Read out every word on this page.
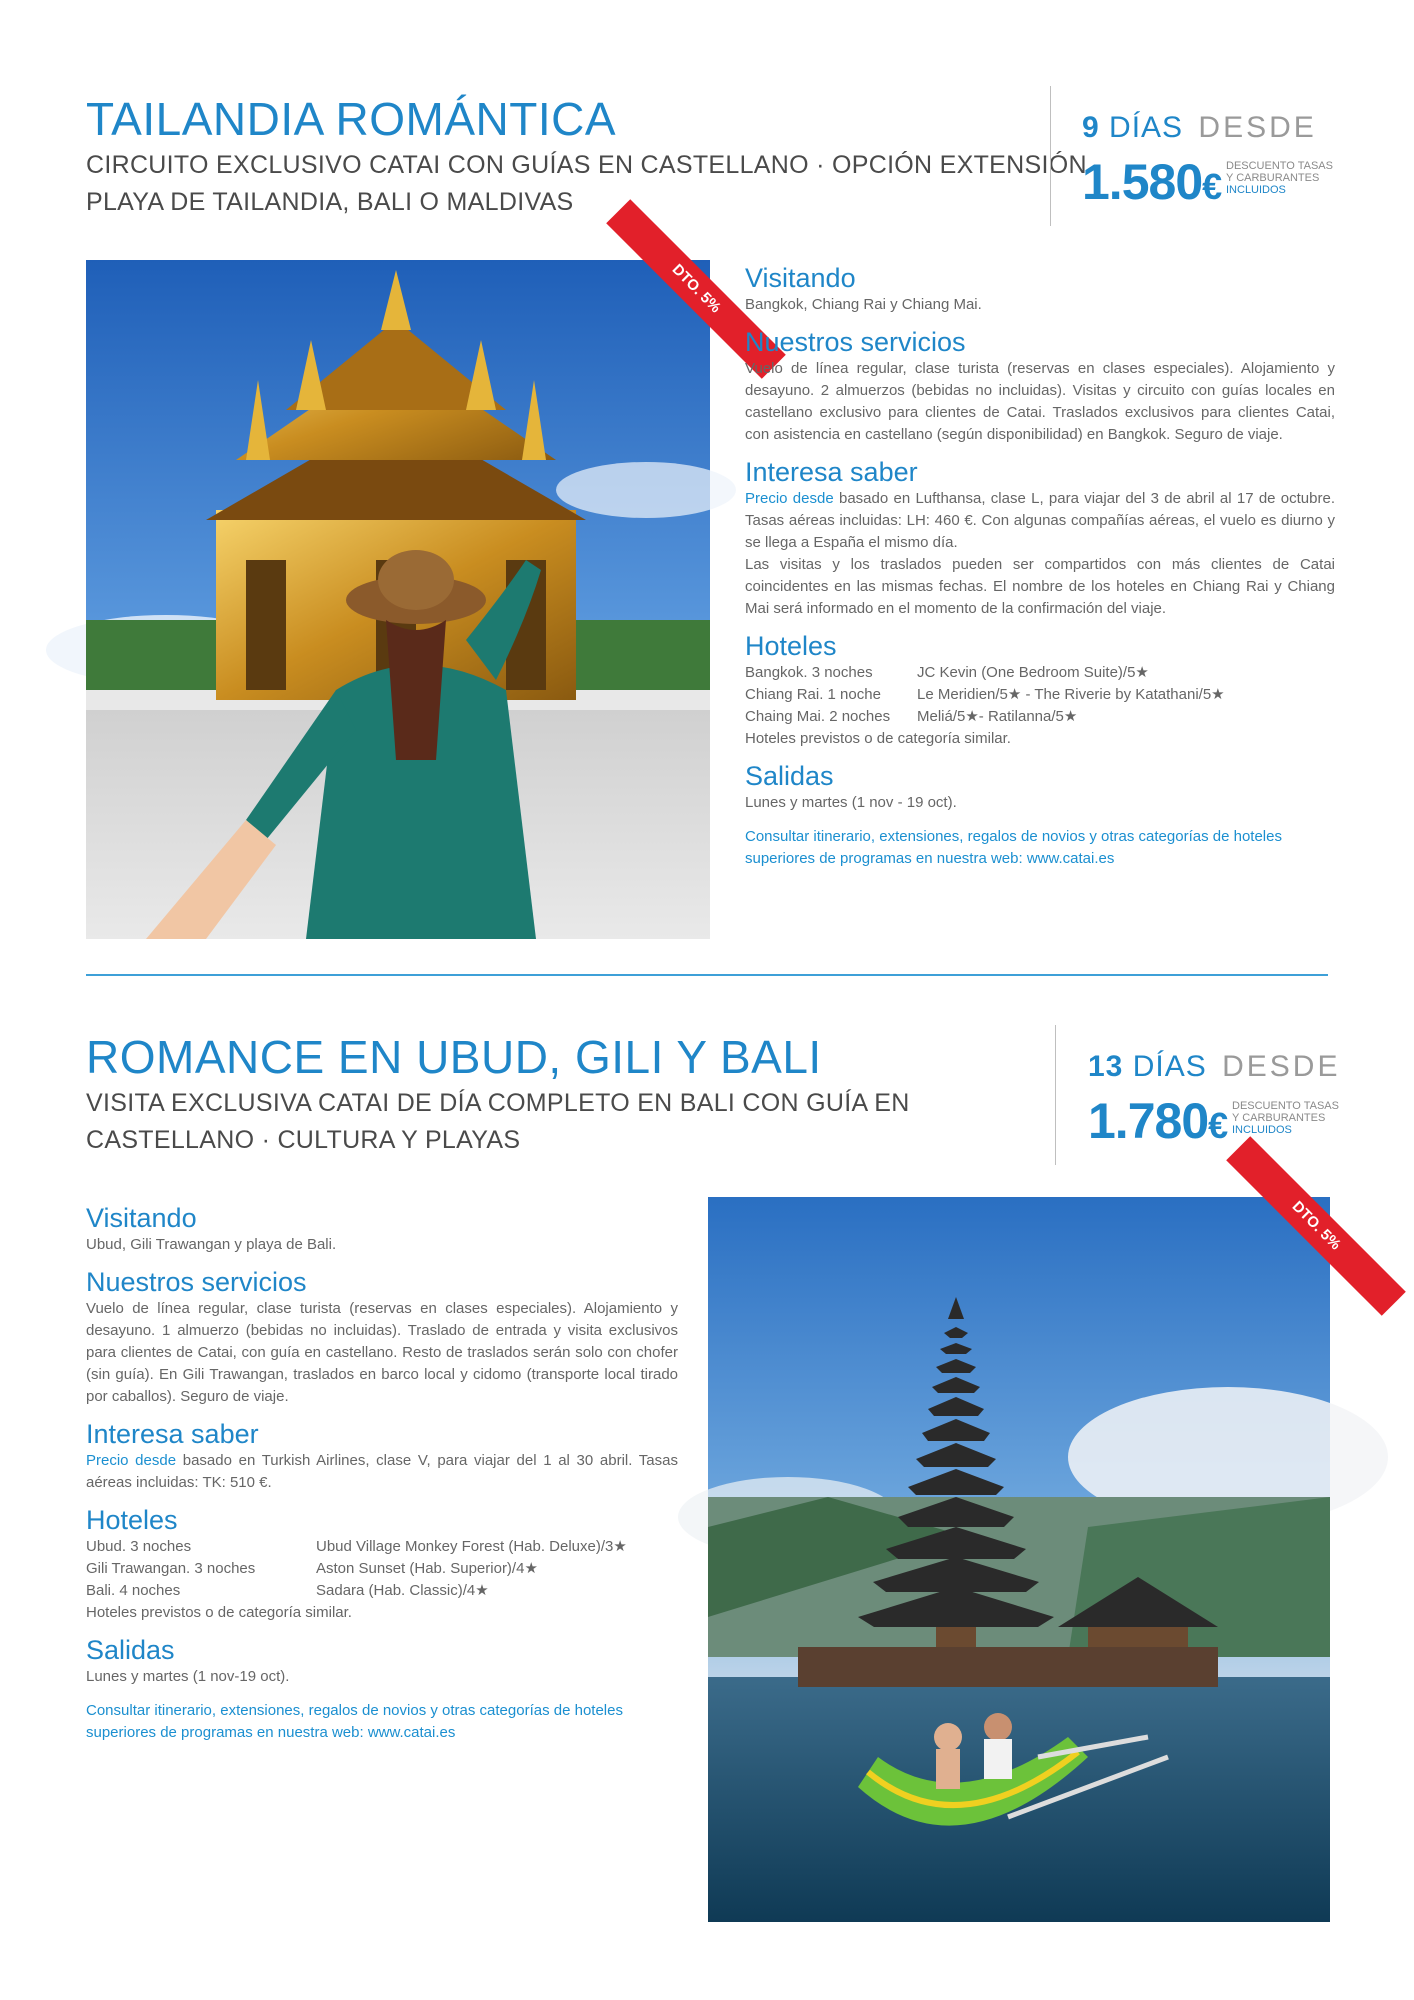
TAILANDIA ROMÁNTICA
CIRCUITO EXCLUSIVO CATAI CON GUÍAS EN CASTELLANO · OPCIÓN EXTENSIÓN
PLAYA DE TAILANDIA, BALI O MALDIVAS
9 DÍAS DESDE
1.580€ DESCUENTO TASAS
Y CARBURANTES
INCLUIDOS
DTO. 5% Visitando
Bangkok, Chiang Rai y Chiang Mai.
Nuestros servicios
Vuelo de línea regular, clase turista (reservas en clases especiales). Alojamiento y desayuno. 2 almuerzos (bebidas no incluidas). Visitas y circuito con guías locales en castellano exclusivo para clientes de Catai. Traslados exclusivos para clientes Catai, con asistencia en castellano (según disponibilidad) en Bangkok. Seguro de viaje.
Interesa saber
Precio desde basado en Lufthansa, clase L, para viajar del 3 de abril al 17 de octubre. Tasas aéreas incluidas: LH: 460 €. Con algunas compañías aéreas, el vuelo es diurno y se llega a España el mismo día.
Las visitas y los traslados pueden ser compartidos con más clientes de Catai coincidentes en las mismas fechas. El nombre de los hoteles en Chiang Rai y Chiang Mai será informado en el momento de la confirmación del viaje.
Hoteles
Bangkok. 3 noches	JC Kevin (One Bedroom Suite)/5★
Chiang Rai. 1 noche	Le Meridien/5★ - The Riverie by Katathani/5★
Chaing Mai. 2 noches	Meliá/5★- Ratilanna/5★
Hoteles previstos o de categoría similar.
Salidas
Lunes y martes (1 nov - 19 oct).
Consultar itinerario, extensiones, regalos de novios y otras categorías de hoteles superiores de programas en nuestra web: www.catai.es
ROMANCE EN UBUD, GILI Y BALI
VISITA EXCLUSIVA CATAI DE DÍA COMPLETO EN BALI CON GUÍA EN
CASTELLANO · CULTURA Y PLAYAS
13 DÍAS DESDE
1.780€ DESCUENTO TASAS
Y CARBURANTES
INCLUIDOS
Visitando
Ubud, Gili Trawangan y playa de Bali.
Nuestros servicios
Vuelo de línea regular, clase turista (reservas en clases especiales). Alojamiento y desayuno. 1 almuerzo (bebidas no incluidas). Traslado de entrada y visita exclusivos para clientes de Catai, con guía en castellano. Resto de traslados serán solo con chofer (sin guía). En Gili Trawangan, traslados en barco local y cidomo (transporte local tirado por caballos). Seguro de viaje.
Interesa saber
Precio desde basado en Turkish Airlines, clase V, para viajar del 1 al 30 abril. Tasas aéreas incluidas: TK: 510 €.
Hoteles
Ubud. 3 noches	Ubud Village Monkey Forest (Hab. Deluxe)/3★
Gili Trawangan. 3 noches	Aston Sunset (Hab. Superior)/4★
Bali. 4 noches	Sadara (Hab. Classic)/4★
Hoteles previstos o de categoría similar.
Salidas
Lunes y martes (1 nov-19 oct).
Consultar itinerario, extensiones, regalos de novios y otras categorías de hoteles superiores de programas en nuestra web: www.catai.es
DTO. 5%
